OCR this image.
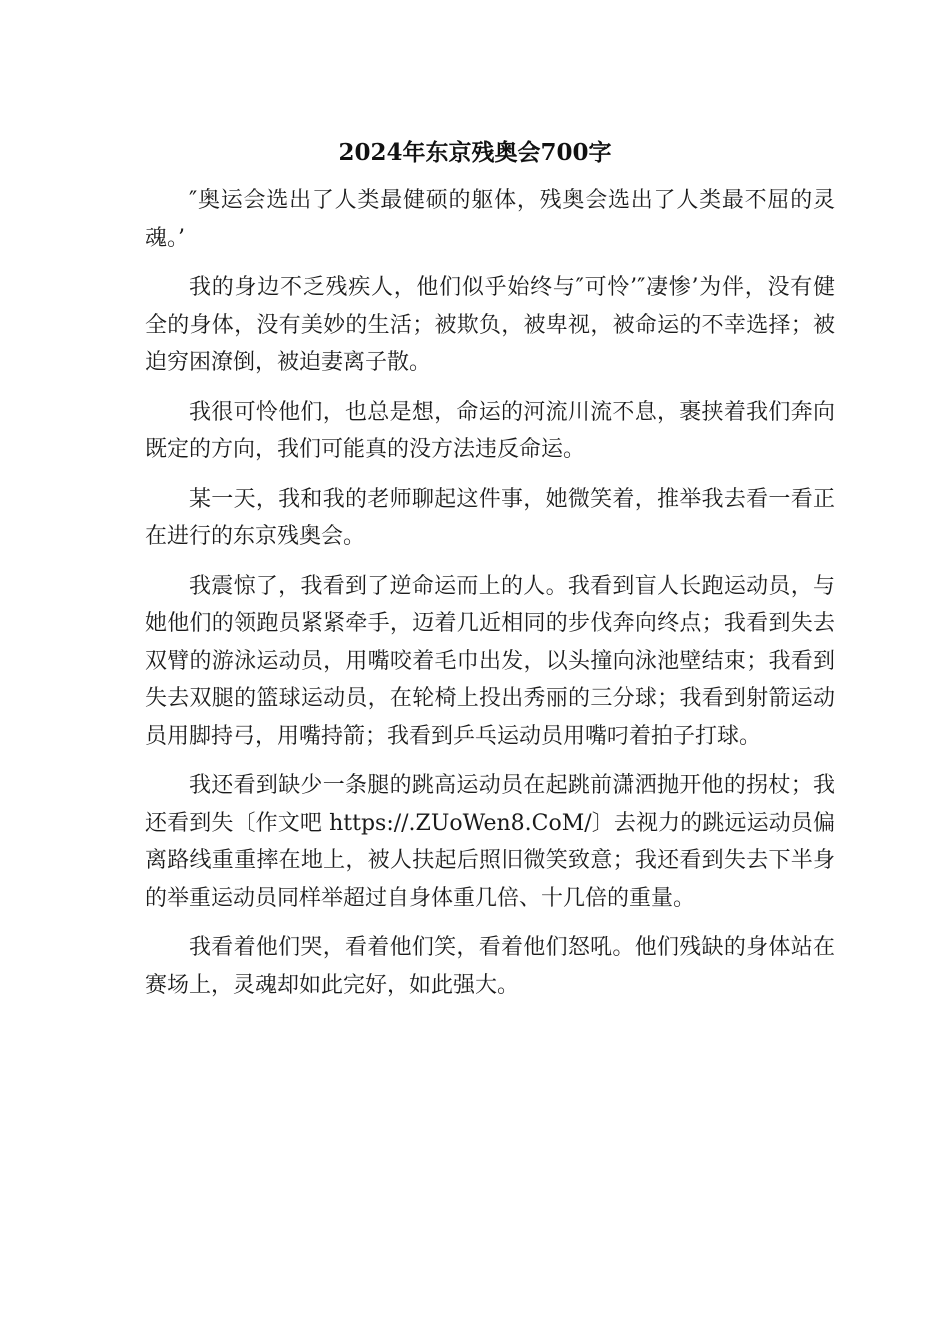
2024年东京残奥会700字

″奥运会选出了人类最健硕的躯体，残奥会选出了人类最不屈的灵魂。’

我的身边不乏残疾人，他们似乎始终与″可怜’″凄惨’为伴，没有健全的身体，没有美妙的生活；被欺负，被卑视，被命运的不幸选择；被迫穷困潦倒，被迫妻离子散。

我很可怜他们，也总是想，命运的河流川流不息，裹挟着我们奔向既定的方向，我们可能真的没方法违反命运。

某一天，我和我的老师聊起这件事，她微笑着，推举我去看一看正在进行的东京残奥会。

我震惊了，我看到了逆命运而上的人。我看到盲人长跑运动员，与她他们的领跑员紧紧牵手，迈着几近相同的步伐奔向终点；我看到失去双臂的游泳运动员，用嘴咬着毛巾出发，以头撞向泳池壁结束；我看到失去双腿的篮球运动员，在轮椅上投出秀丽的三分球；我看到射箭运动员用脚持弓，用嘴持箭；我看到乒乓运动员用嘴叼着拍子打球。

我还看到缺少一条腿的跳高运动员在起跳前潇洒抛开他的拐杖；我还看到失〔作文吧 https://.ZUoWen8.CoM/〕去视力的跳远运动员偏离路线重重摔在地上，被人扶起后照旧微笑致意；我还看到失去下半身的举重运动员同样举超过自身体重几倍、十几倍的重量。

我看着他们哭，看着他们笑，看着他们怒吼。他们残缺的身体站在赛场上，灵魂却如此完好，如此强大。
